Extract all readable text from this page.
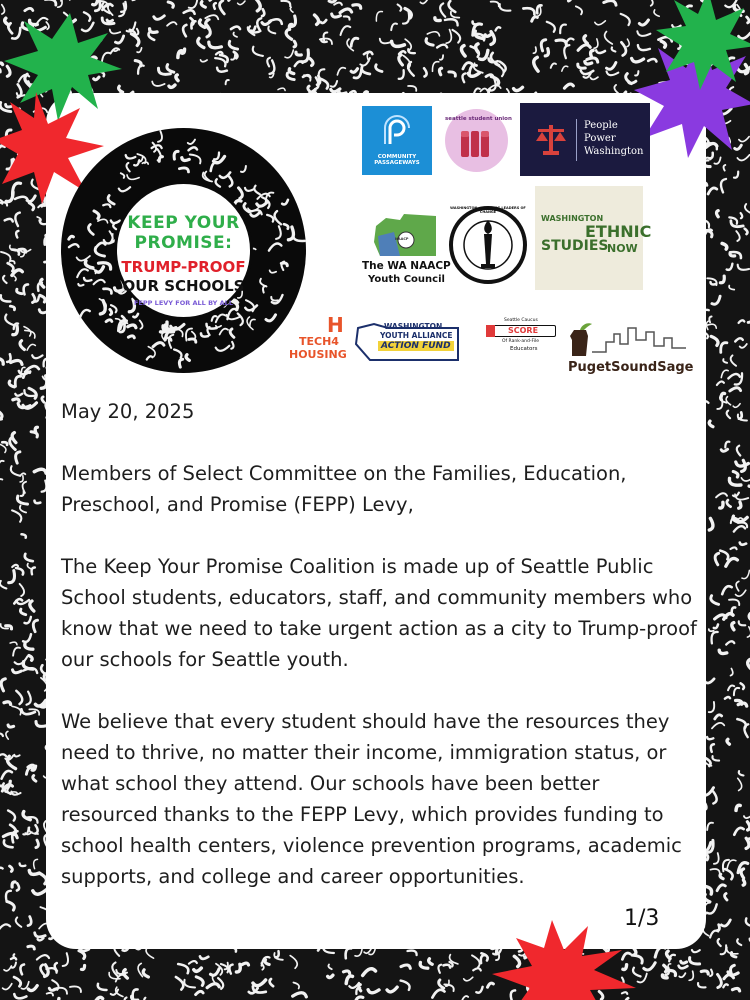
KEEP YOUR
PROMISE:
TRUMP-PROOF
OUR SCHOOLS
FEPP LEVY FOR ALL BY ALL
COMMUNITY PASSAGEWAYS
seattle student union
People
Power
Washington
NAACP
The WA NAACP
Youth Council
WASHINGTON · BUILDING LEADERS OF CHANGE
WASHINGTON
ETHNIC
STUDIES
NOW
H
TECH4
HOUSING
WASHINGTON
YOUTH ALLIANCE
ACTION FUND
Seattle Caucus
SCORE
Of Rank-and-File
Educators
PugetSoundSage

May 20, 2025

Members of Select Committee on the Families, Education, Preschool, and Promise (FEPP) Levy,

The Keep Your Promise Coalition is made up of Seattle Public School students, educators, staff, and community members who know that we need to take urgent action as a city to Trump-proof our schools for Seattle youth.

We believe that every student should have the resources they need to thrive, no matter their income, immigration status, or what school they attend. Our schools have been better resourced thanks to the FEPP Levy, which provides funding to school health centers, violence prevention programs, academic supports, and college and career opportunities.

1/3
